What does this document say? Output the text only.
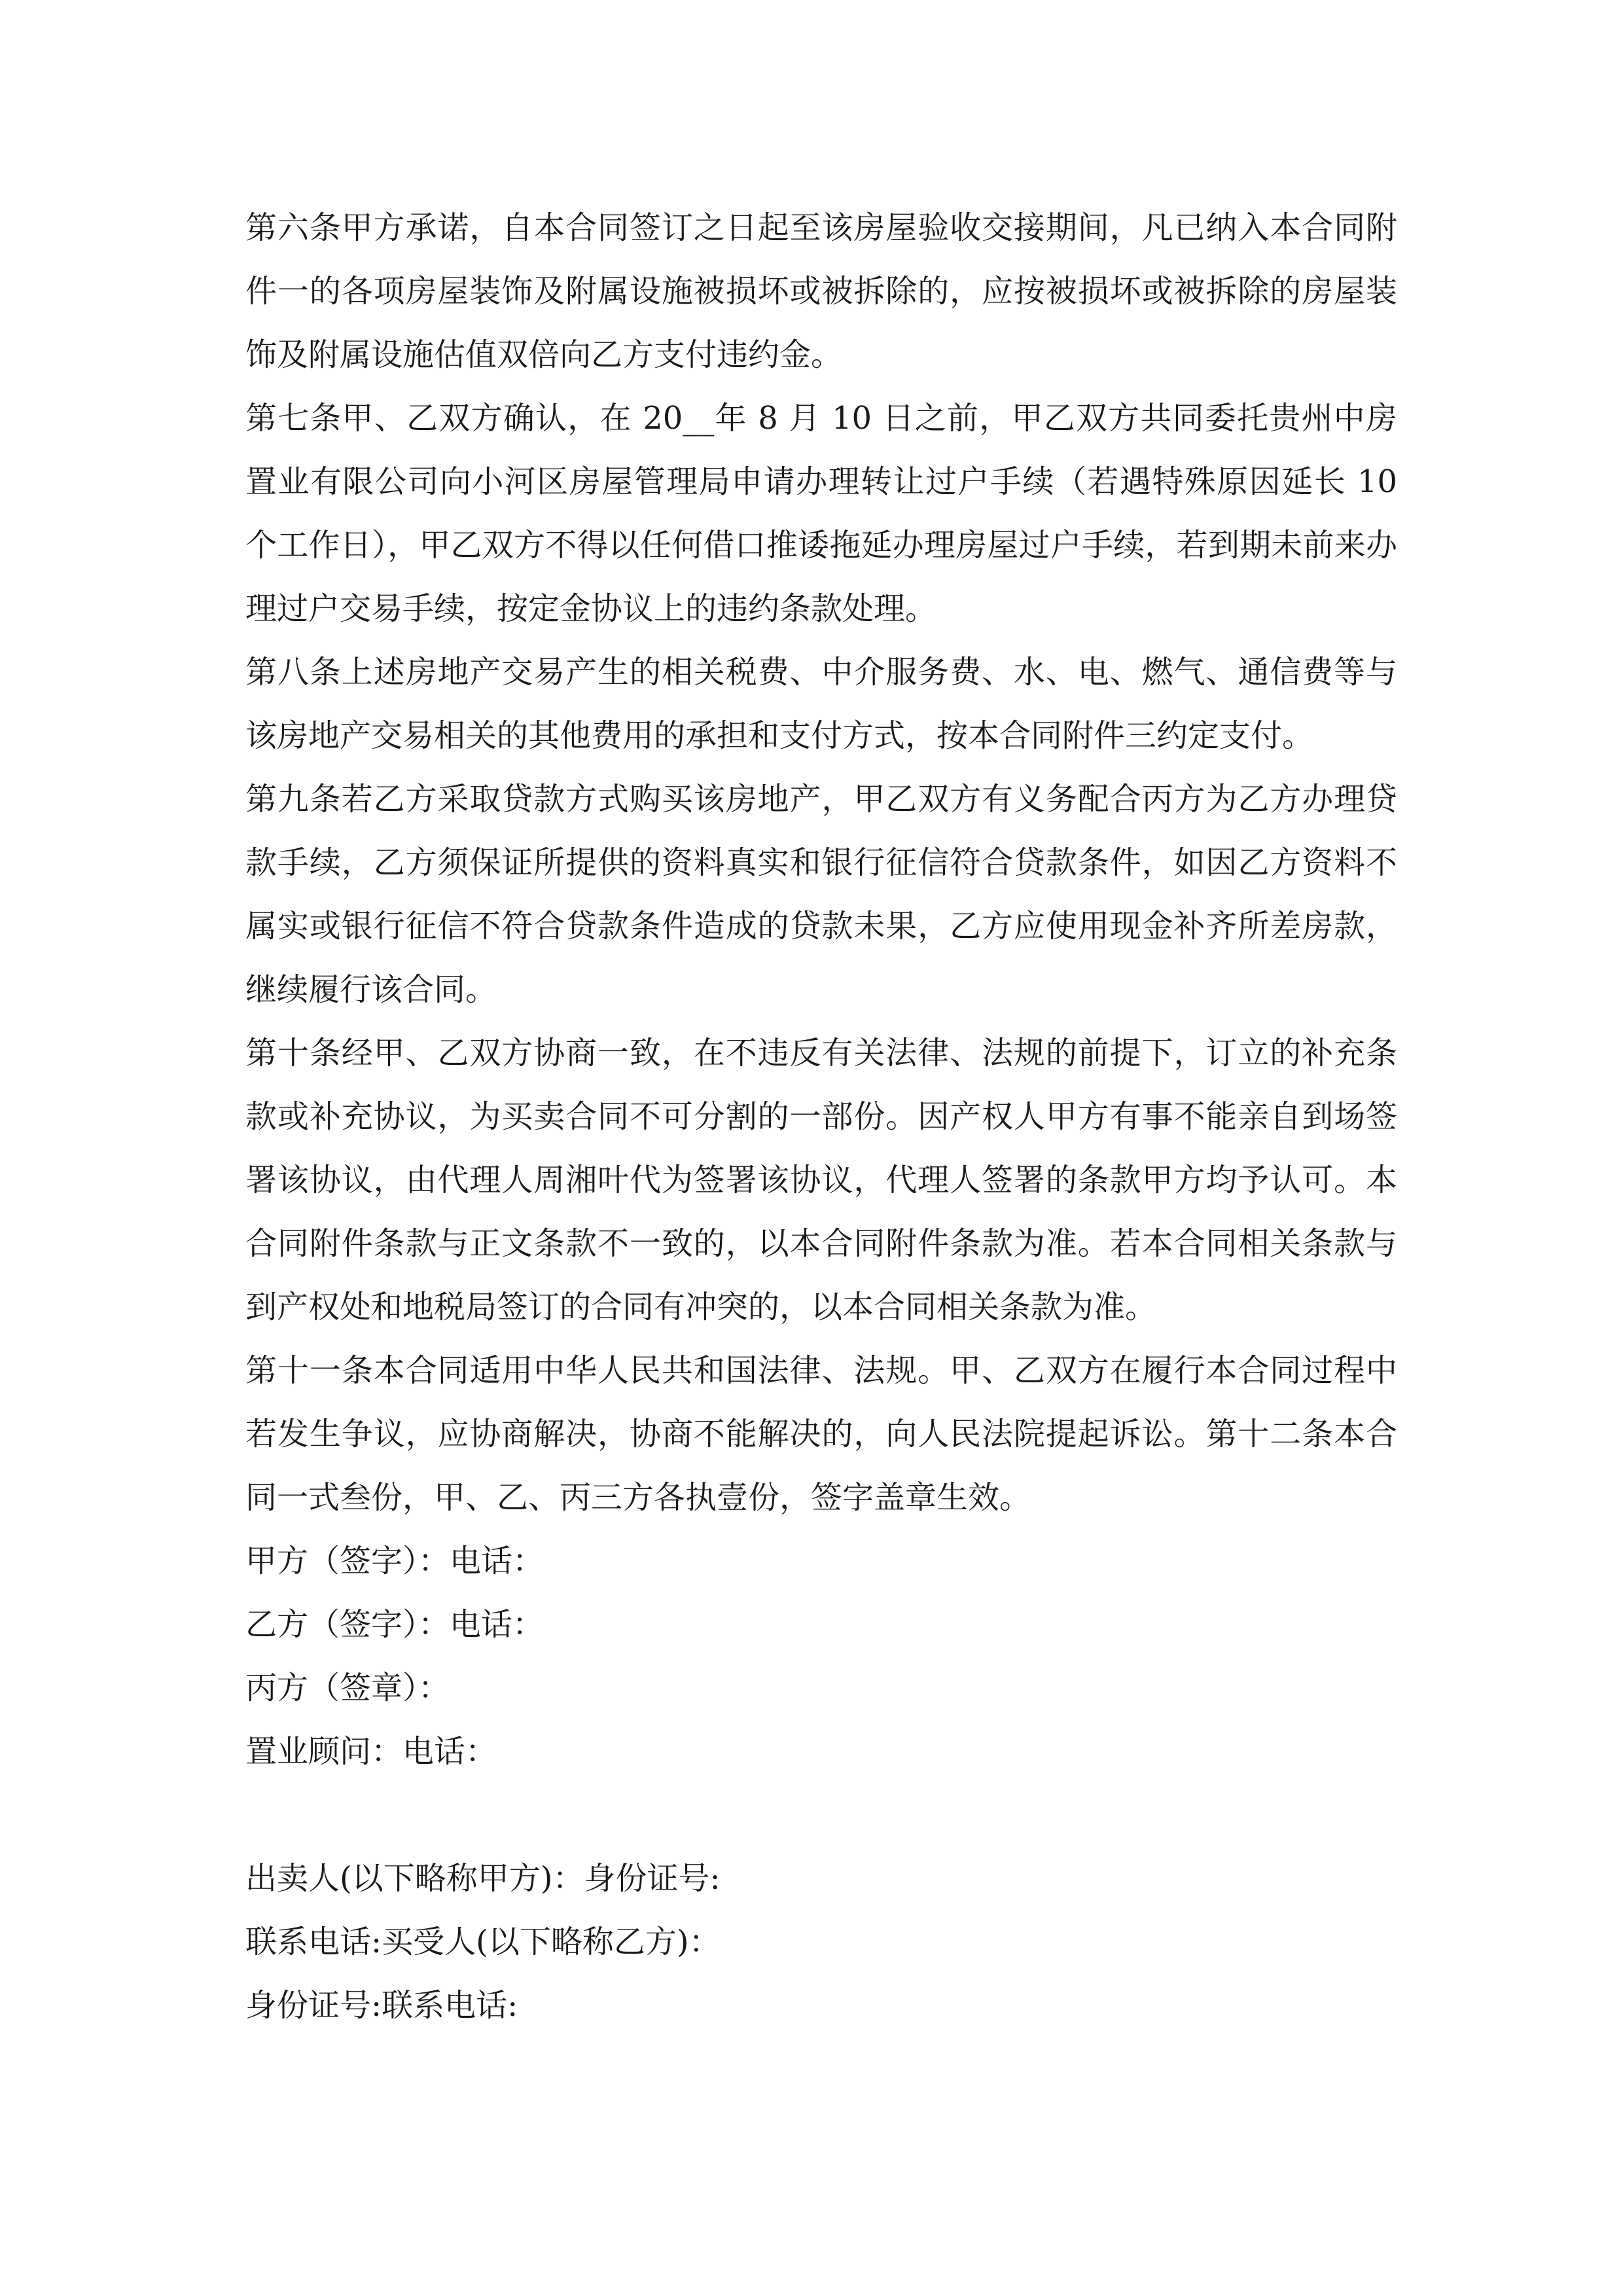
第六条甲方承诺，自本合同签订之日起至该房屋验收交接期间，凡已纳入本合同附件一的各项房屋装饰及附属设施被损坏或被拆除的，应按被损坏或被拆除的房屋装饰及附属设施估值双倍向乙方支付违约金。

第七条甲、乙双方确认，在 20__年 8 月 10 日之前，甲乙双方共同委托贵州中房置业有限公司向小河区房屋管理局申请办理转让过户手续（若遇特殊原因延长 10 个工作日），甲乙双方不得以任何借口推诿拖延办理房屋过户手续，若到期未前来办理过户交易手续，按定金协议上的违约条款处理。

第八条上述房地产交易产生的相关税费、中介服务费、水、电、燃气、通信费等与该房地产交易相关的其他费用的承担和支付方式，按本合同附件三约定支付。

第九条若乙方采取贷款方式购买该房地产，甲乙双方有义务配合丙方为乙方办理贷款手续，乙方须保证所提供的资料真实和银行征信符合贷款条件，如因乙方资料不属实或银行征信不符合贷款条件造成的贷款未果，乙方应使用现金补齐所差房款，继续履行该合同。

第十条经甲、乙双方协商一致，在不违反有关法律、法规的前提下，订立的补充条款或补充协议，为买卖合同不可分割的一部份。因产权人甲方有事不能亲自到场签署该协议，由代理人周湘叶代为签署该协议，代理人签署的条款甲方均予认可。本合同附件条款与正文条款不一致的，以本合同附件条款为准。若本合同相关条款与到产权处和地税局签订的合同有冲突的，以本合同相关条款为准。

第十一条本合同适用中华人民共和国法律、法规。甲、乙双方在履行本合同过程中若发生争议，应协商解决，协商不能解决的，向人民法院提起诉讼。第十二条本合同一式叁份，甲、乙、丙三方各执壹份，签字盖章生效。

甲方（签字）：电话：

乙方（签字）：电话：

丙方（签章）：

置业顾问：电话：

出卖人(以下略称甲方)：身份证号:

联系电话:买受人(以下略称乙方)：

身份证号:联系电话:
